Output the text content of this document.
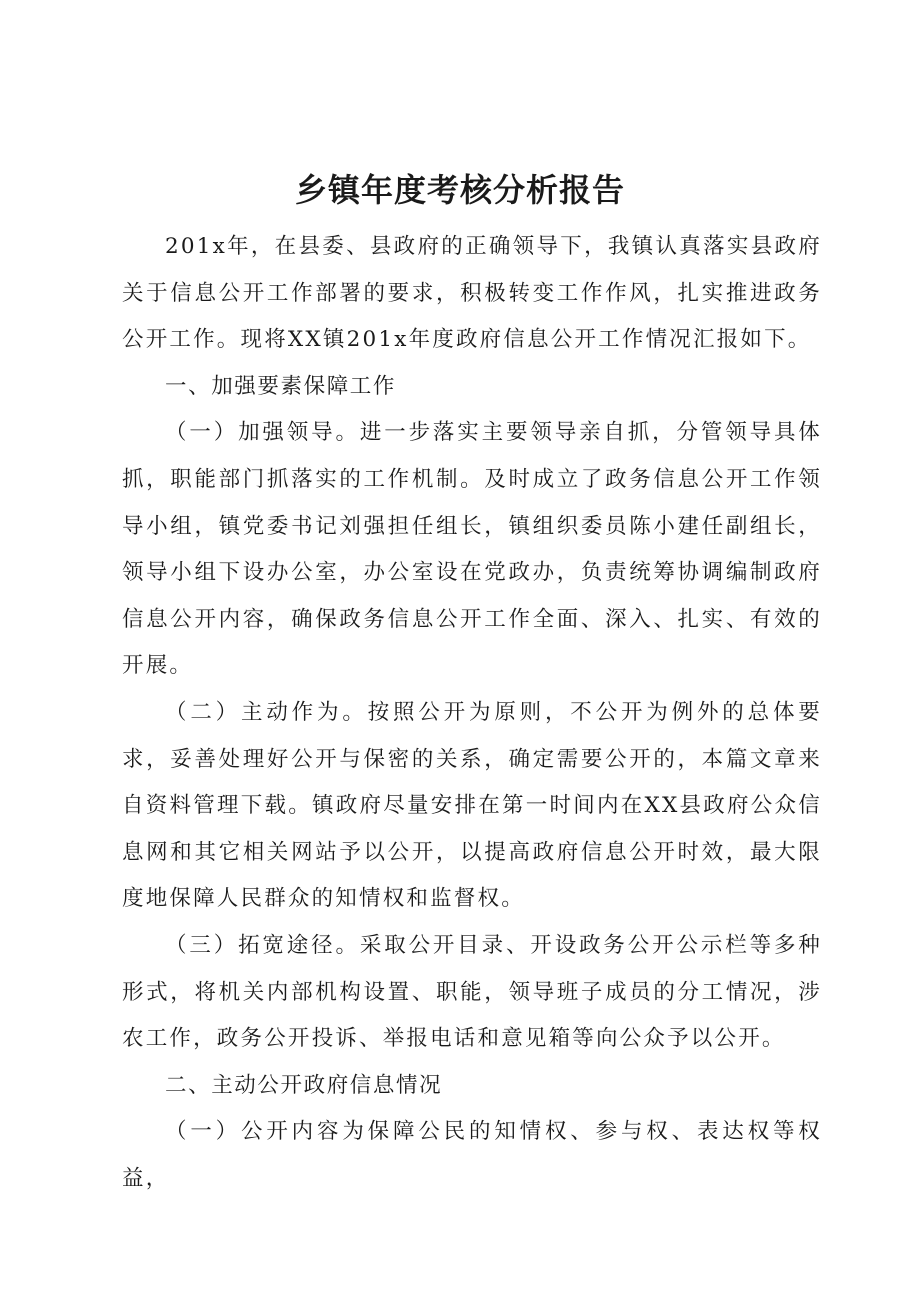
乡镇年度考核分析报告

201x年，在县委、县政府的正确领导下，我镇认真落实县政府关于信息公开工作部署的要求，积极转变工作作风，扎实推进政务公开工作。现将XX镇201x年度政府信息公开工作情况汇报如下。

一、加强要素保障工作

（一）加强领导。进一步落实主要领导亲自抓，分管领导具体抓，职能部门抓落实的工作机制。及时成立了政务信息公开工作领导小组，镇党委书记刘强担任组长，镇组织委员陈小建任副组长，领导小组下设办公室，办公室设在党政办，负责统筹协调编制政府信息公开内容，确保政务信息公开工作全面、深入、扎实、有效的开展。

（二）主动作为。按照公开为原则，不公开为例外的总体要求，妥善处理好公开与保密的关系，确定需要公开的，本篇文章来自资料管理下载。镇政府尽量安排在第一时间内在XX县政府公众信息网和其它相关网站予以公开，以提高政府信息公开时效，最大限度地保障人民群众的知情权和监督权。

（三）拓宽途径。采取公开目录、开设政务公开公示栏等多种形式，将机关内部机构设置、职能，领导班子成员的分工情况，涉农工作，政务公开投诉、举报电话和意见箱等向公众予以公开。

二、主动公开政府信息情况

（一）公开内容为保障公民的知情权、参与权、表达权等权益，
